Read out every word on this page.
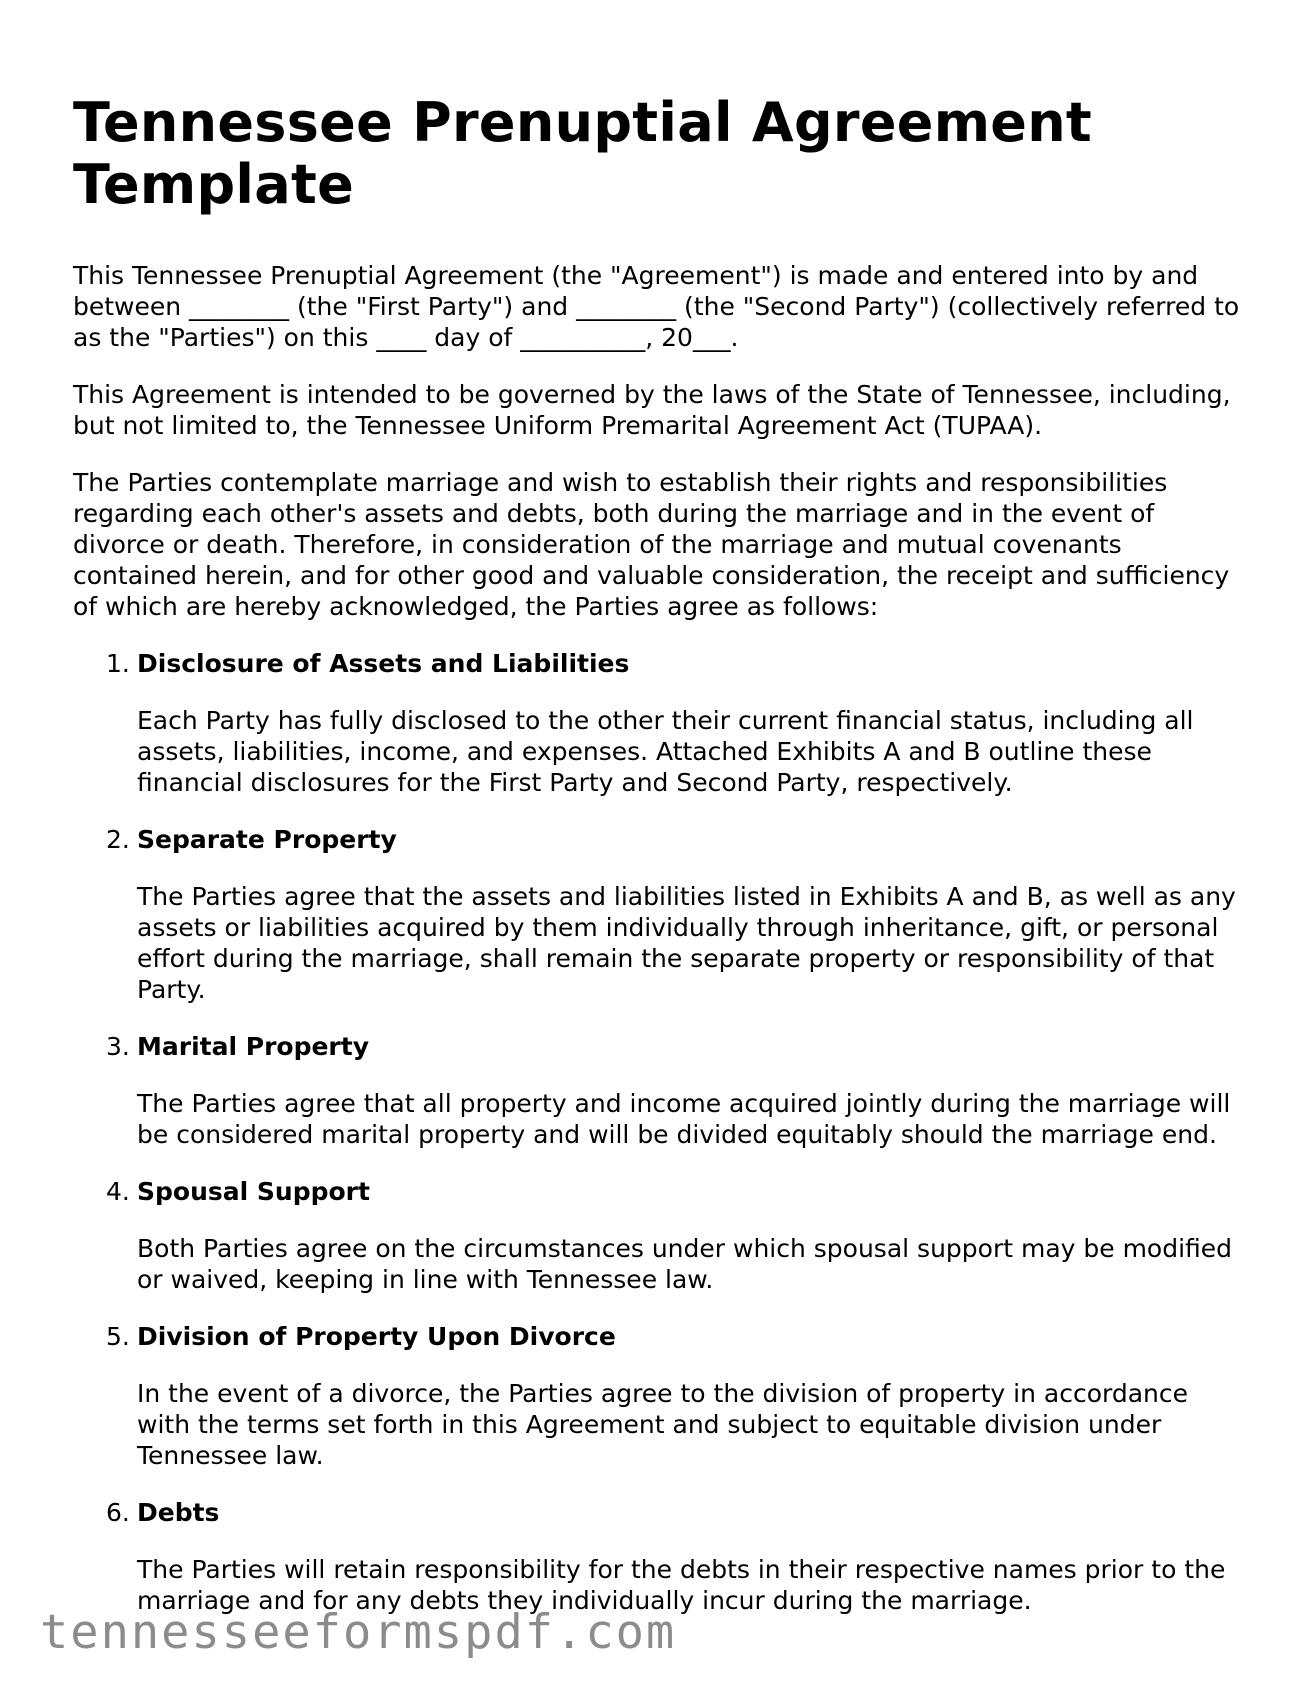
Tennessee Prenuptial Agreement Template

This Tennessee Prenuptial Agreement (the "Agreement") is made and entered into by and between ________ (the "First Party") and ________ (the "Second Party") (collectively referred to as the "Parties") on this ____ day of __________, 20___.

This Agreement is intended to be governed by the laws of the State of Tennessee, including, but not limited to, the Tennessee Uniform Premarital Agreement Act (TUPAA).

The Parties contemplate marriage and wish to establish their rights and responsibilities regarding each other's assets and debts, both during the marriage and in the event of divorce or death. Therefore, in consideration of the marriage and mutual covenants contained herein, and for other good and valuable consideration, the receipt and sufficiency of which are hereby acknowledged, the Parties agree as follows:

1. Disclosure of Assets and Liabilities
Each Party has fully disclosed to the other their current financial status, including all assets, liabilities, income, and expenses. Attached Exhibits A and B outline these financial disclosures for the First Party and Second Party, respectively.
2. Separate Property
The Parties agree that the assets and liabilities listed in Exhibits A and B, as well as any assets or liabilities acquired by them individually through inheritance, gift, or personal effort during the marriage, shall remain the separate property or responsibility of that Party.
3. Marital Property
The Parties agree that all property and income acquired jointly during the marriage will be considered marital property and will be divided equitably should the marriage end.
4. Spousal Support
Both Parties agree on the circumstances under which spousal support may be modified or waived, keeping in line with Tennessee law.
5. Division of Property Upon Divorce
In the event of a divorce, the Parties agree to the division of property in accordance with the terms set forth in this Agreement and subject to equitable division under Tennessee law.
6. Debts
The Parties will retain responsibility for the debts in their respective names prior to the marriage and for any debts they individually incur during the marriage.
tennesseeformspdf.com
